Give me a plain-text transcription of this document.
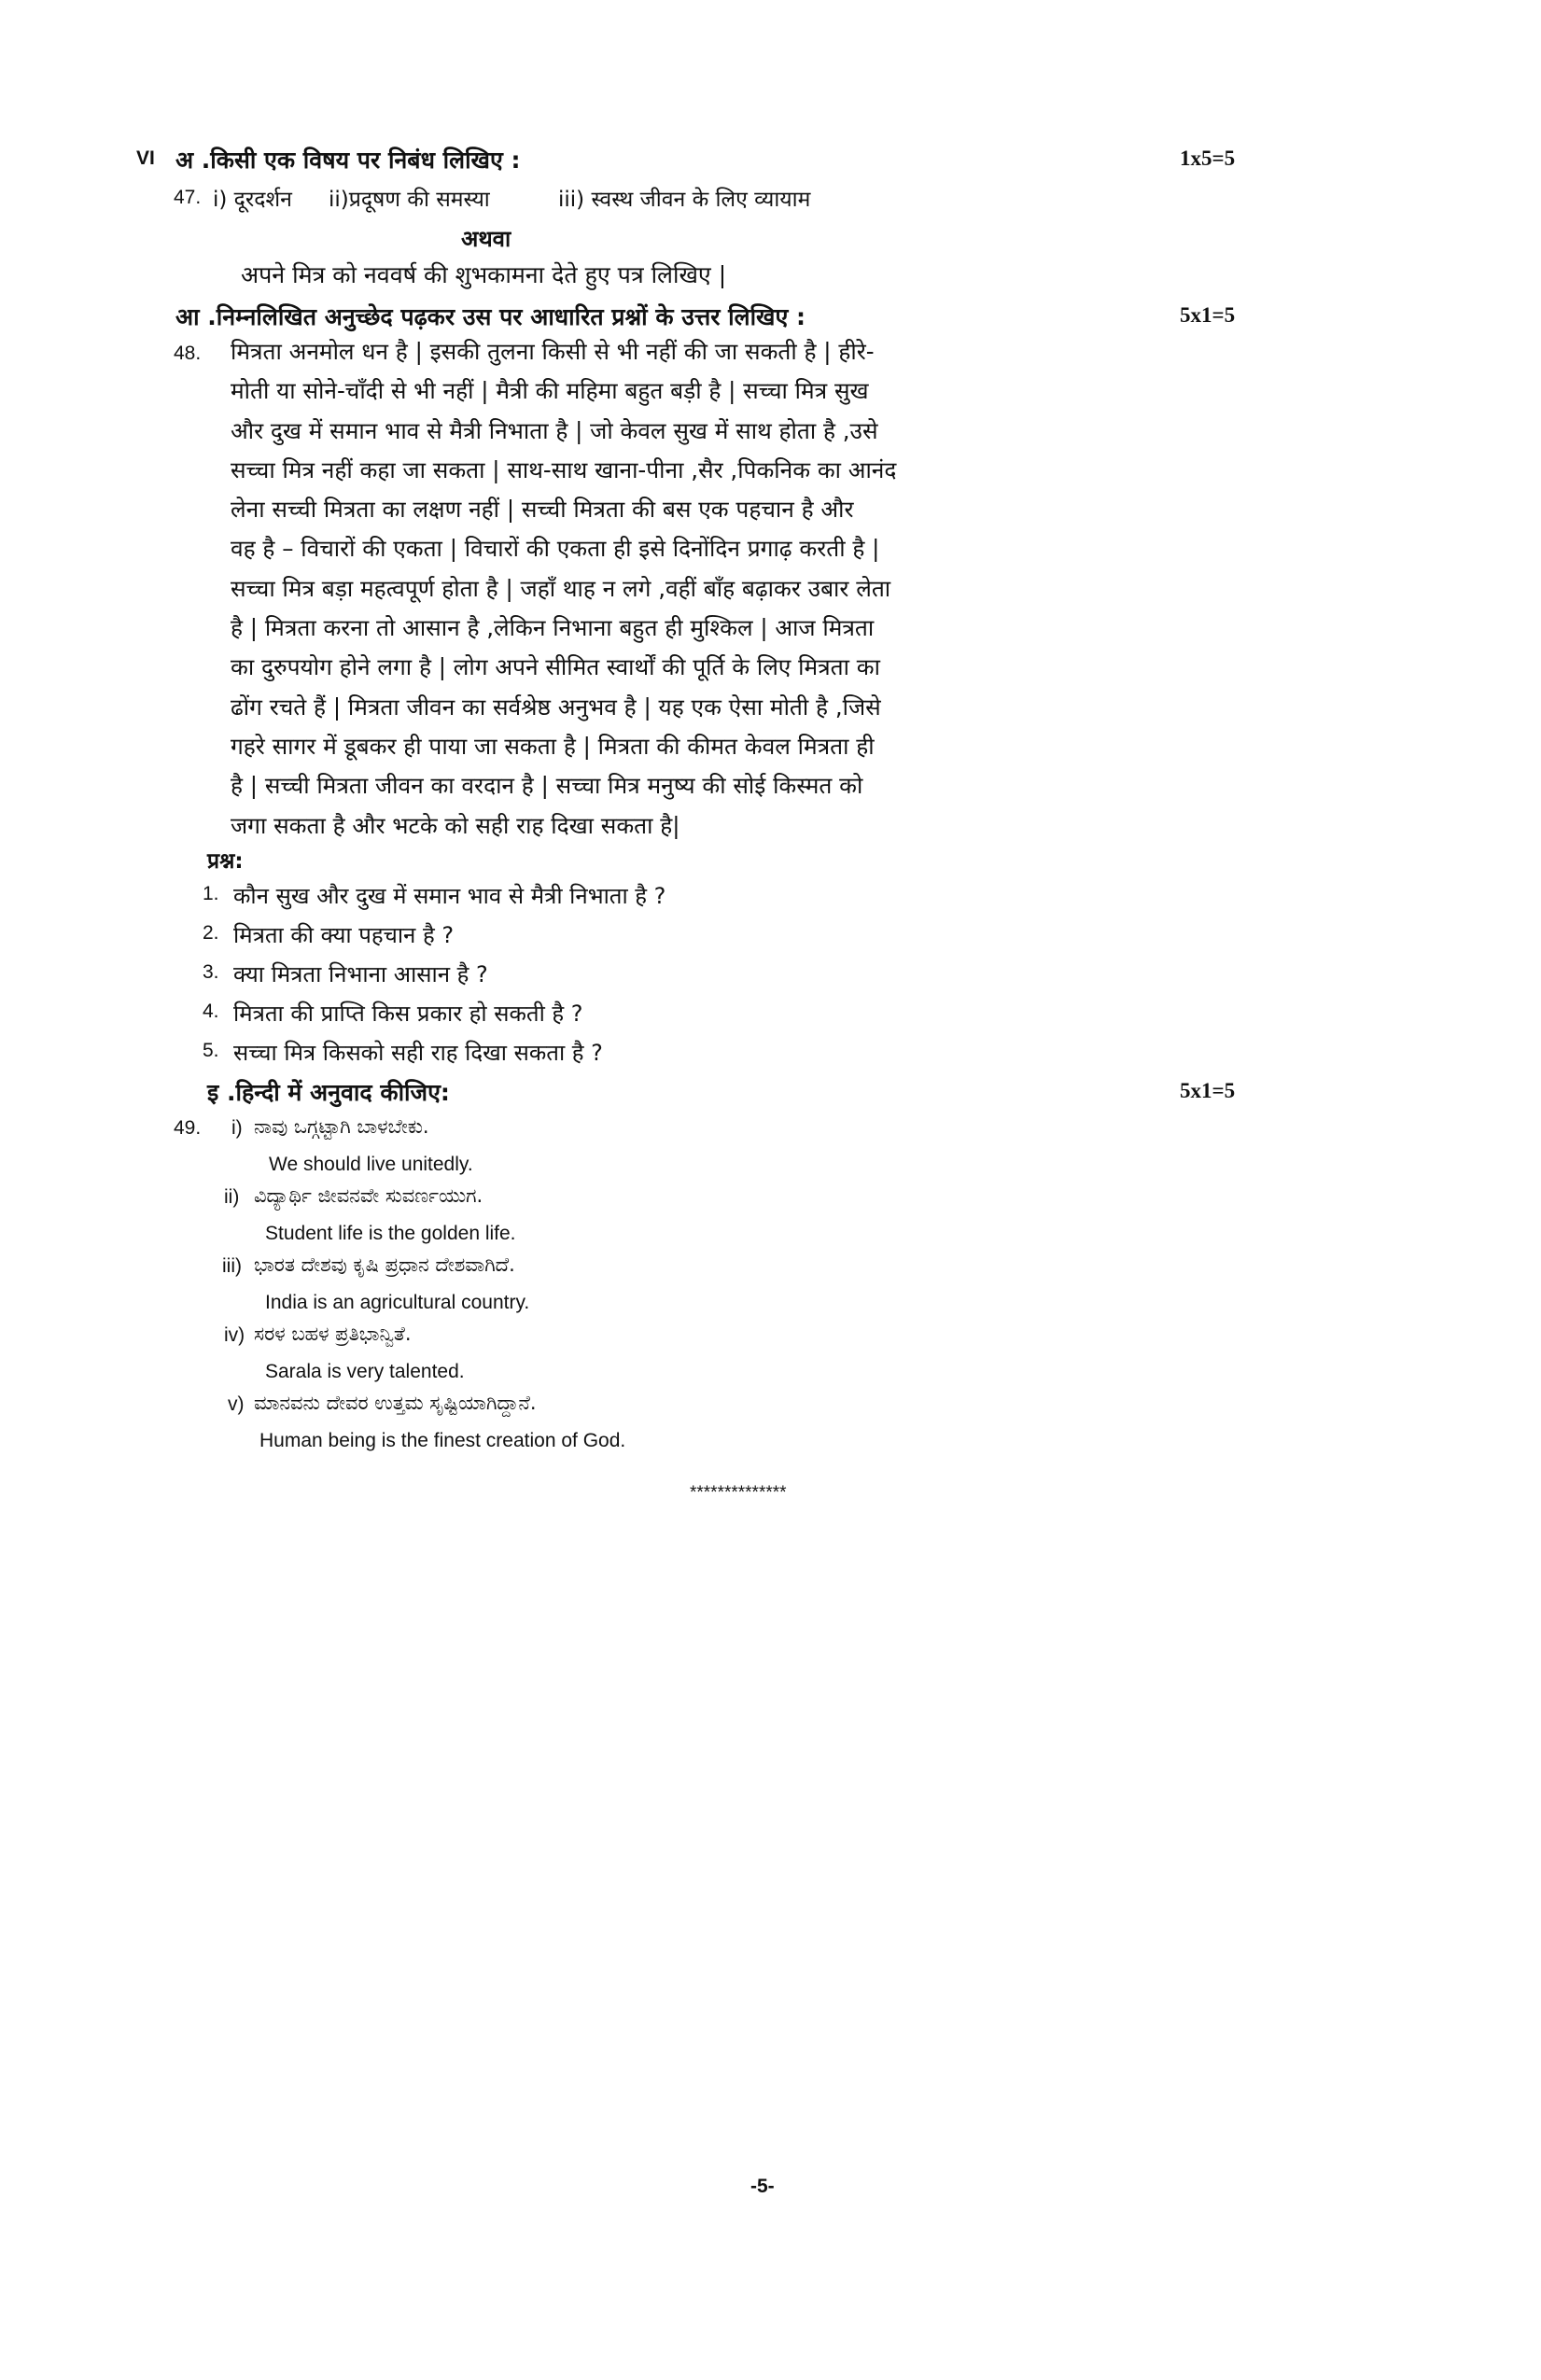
VI अ .किसी एक विषय पर निबंध लिखिए :	1x5=5
47. i) दूरदर्शन ii)प्रदूषण की समस्या	iii) स्वस्थ जीवन के लिए व्यायाम
अथवा
अपने मित्र को नववर्ष की शुभकामना देते हुए पत्र लिखिए |
आ .निम्नलिखित अनुच्छेद पढ़कर उस पर आधारित प्रश्नों के उत्तर लिखिए :	5x1=5
48. मित्रता अनमोल धन है | इसकी तुलना किसी से भी नहीं की जा सकती है | हीरे-
मोती या सोने-चाँदी से भी नहीं | मैत्री की महिमा बहुत बड़ी है | सच्चा मित्र सुख
और दुख में समान भाव से मैत्री निभाता है | जो केवल सुख में साथ होता है ,उसे
सच्चा मित्र नहीं कहा जा सकता | साथ-साथ खाना-पीना ,सैर ,पिकनिक का आनंद
लेना सच्ची मित्रता का लक्षण नहीं | सच्ची मित्रता की बस एक पहचान है और
वह है – विचारों की एकता | विचारों की एकता ही इसे दिनोंदिन प्रगाढ़ करती है |
सच्चा मित्र बड़ा महत्वपूर्ण होता है | जहाँ थाह न लगे ,वहीं बाँह बढ़ाकर उबार लेता
है | मित्रता करना तो आसान है ,लेकिन निभाना बहुत ही मुश्किल | आज मित्रता
का दुरुपयोग होने लगा है | लोग अपने सीमित स्वार्थों की पूर्ति के लिए मित्रता का
ढोंग रचते हैं | मित्रता जीवन का सर्वश्रेष्ठ अनुभव है | यह एक ऐसा मोती है ,जिसे
गहरे सागर में डूबकर ही पाया जा सकता है | मित्रता की कीमत केवल मित्रता ही
है | सच्ची मित्रता जीवन का वरदान है | सच्चा मित्र मनुष्य की सोई किस्मत को
जगा सकता है और भटके को सही राह दिखा सकता है|
प्रश्न:
1. कौन सुख और दुख में समान भाव से मैत्री निभाता है ?
2. मित्रता की क्या पहचान है ?
3. क्या मित्रता निभाना आसान है ?
4. मित्रता की प्राप्ति किस प्रकार हो सकती है ?
5. सच्चा मित्र किसको सही राह दिखा सकता है ?
इ .हिन्दी में अनुवाद कीजिए:	5x1=5
49. i) ನಾವು ಒಗ್ಗಟ್ಟಾಗಿ ಬಾಳಬೇಕು.
We should live unitedly.
ii) ವಿದ್ಯಾರ್ಥಿ ಜೀವನವೇ ಸುವರ್ಣಯುಗ.
Student life is the golden life.
iii) ಭಾರತ ದೇಶವು ಕೃಷಿ ಪ್ರಧಾನ ದೇಶವಾಗಿದೆ.
India is an agricultural country.
iv) ಸರಳ ಬಹಳ ಪ್ರತಿಭಾನ್ವಿತೆ.
Sarala is very talented.
v) ಮಾನವನು ದೇವರ ಉತ್ತಮ ಸೃಷ್ಟಿಯಾಗಿದ್ದಾನೆ.
Human being is the finest creation of God.
**************
-5-
